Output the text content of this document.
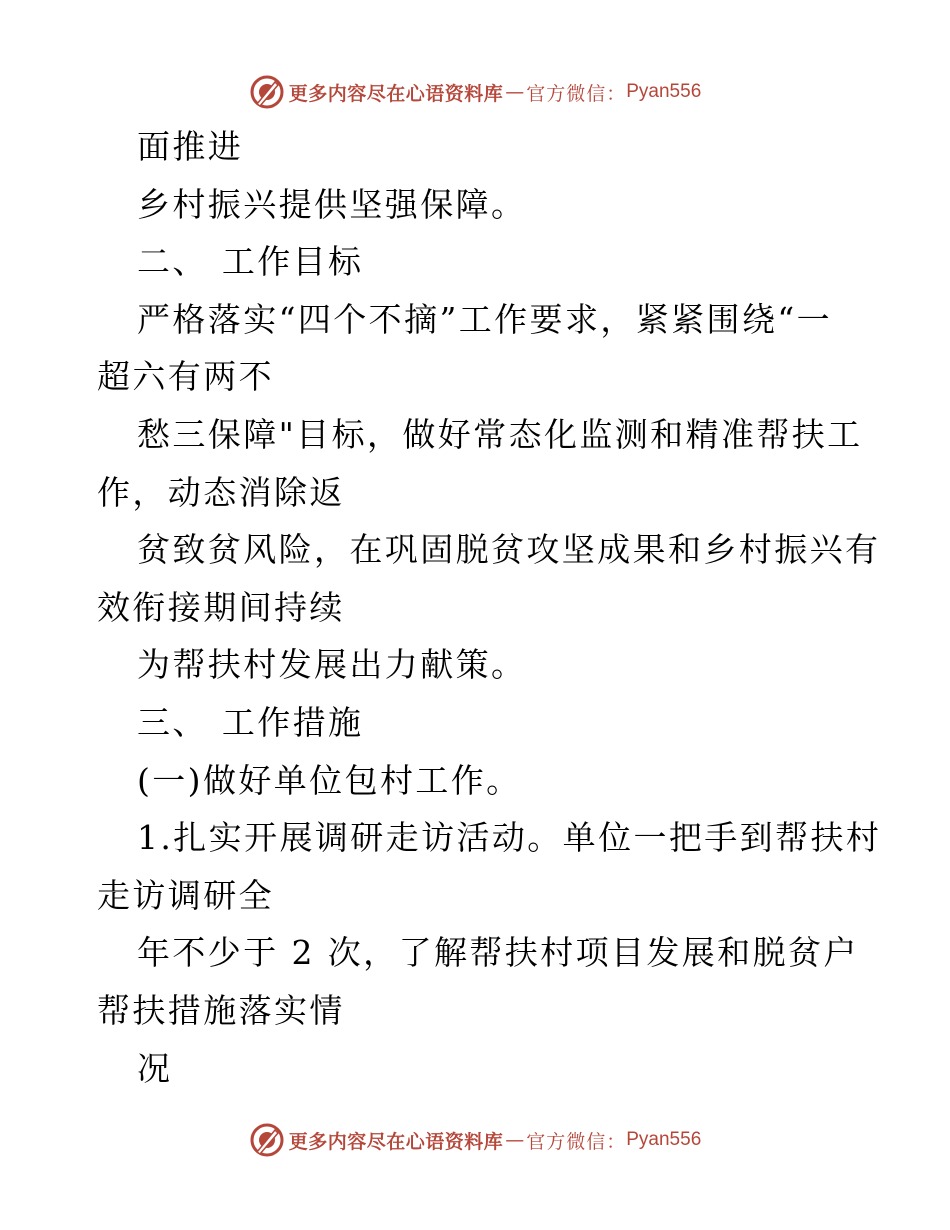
更多内容尽在心语资料库 — 官方微信： Pyan556
面推进
乡村振兴提供坚强保障。
二、 工作目标
严格落实“四个不摘”工作要求，紧紧围绕“一
超六有两不
愁三保障"目标，做好常态化监测和精准帮扶工
作，动态消除返
贫致贫风险，在巩固脱贫攻坚成果和乡村振兴有
效衔接期间持续
为帮扶村发展出力献策。
三、 工作措施
(一)做好单位包村工作。
1.扎实开展调研走访活动。单位一把手到帮扶村
走访调研全
年不少于 2 次，了解帮扶村项目发展和脱贫户
帮扶措施落实情
况
更多内容尽在心语资料库 — 官方微信： Pyan556
